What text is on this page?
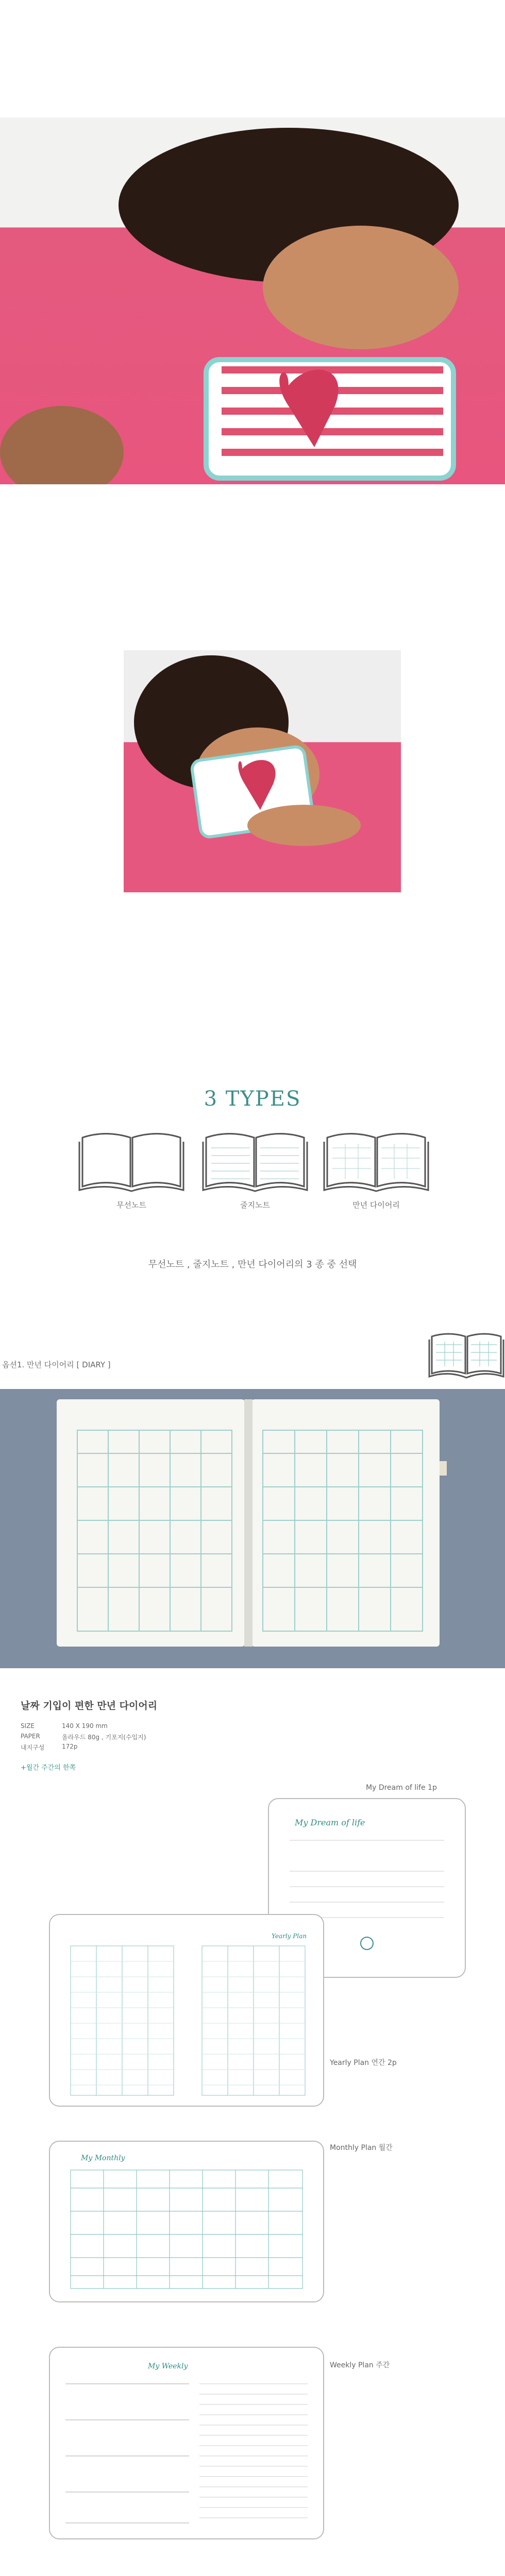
3 TYPES
무선노트	줄지노트	만년 다이어리
무선노트 , 줄지노트 , 만년 다이어리의 3 종 중 선택
옵션1. 만년 다이어리 [ DIARY ]
날짜 기입이 편한 만년 다이어리
SIZE	140 X 190 mm
PAPER	올라우드 80g , 기포지(수입지)
내지구성	172p
+월간 주간의 한쪽
My Dream of life
My Dream of life 1p
Yearly Plan
Yearly Plan 연간 2p
My Monthly
Monthly Plan 월간
My Weekly	Weekly Plan 주간
